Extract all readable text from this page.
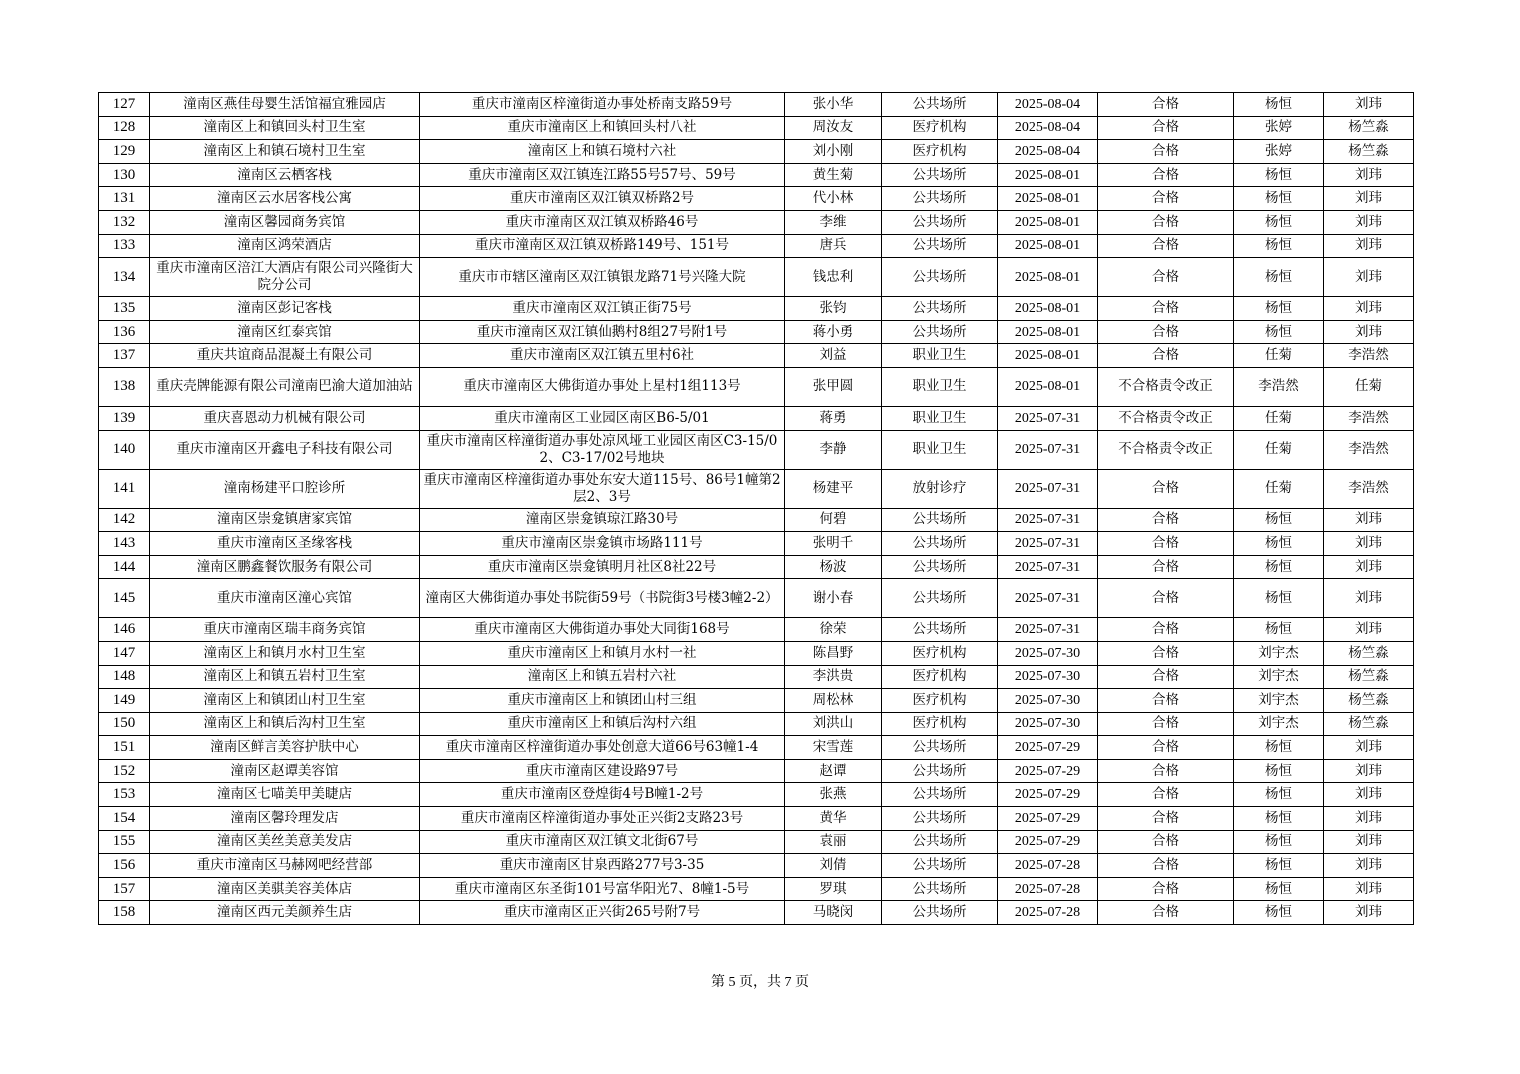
127	潼南区燕佳母婴生活馆福宜雅园店	重庆市潼南区梓潼街道办事处桥南支路59号	张小华	公共场所	2025-08-04	合格	杨恒	刘玮
128	潼南区上和镇回头村卫生室	重庆市潼南区上和镇回头村八社	周汝友	医疗机构	2025-08-04	合格	张婷	杨竺淼
129	潼南区上和镇石境村卫生室	潼南区上和镇石境村六社	刘小刚	医疗机构	2025-08-04	合格	张婷	杨竺淼
130	潼南区云栖客栈	重庆市潼南区双江镇连江路55号57号、59号	黄生菊	公共场所	2025-08-01	合格	杨恒	刘玮
131	潼南区云水居客栈公寓	重庆市潼南区双江镇双桥路2号	代小林	公共场所	2025-08-01	合格	杨恒	刘玮
132	潼南区馨园商务宾馆	重庆市潼南区双江镇双桥路46号	李维	公共场所	2025-08-01	合格	杨恒	刘玮
133	潼南区鸿荣酒店	重庆市潼南区双江镇双桥路149号、151号	唐兵	公共场所	2025-08-01	合格	杨恒	刘玮
134	重庆市潼南区涪江大酒店有限公司兴隆街大院分公司	重庆市市辖区潼南区双江镇银龙路71号兴隆大院	钱忠利	公共场所	2025-08-01	合格	杨恒	刘玮
135	潼南区彭记客栈	重庆市潼南区双江镇正街75号	张钧	公共场所	2025-08-01	合格	杨恒	刘玮
136	潼南区红泰宾馆	重庆市潼南区双江镇仙鹅村8组27号附1号	蒋小勇	公共场所	2025-08-01	合格	杨恒	刘玮
137	重庆共谊商品混凝土有限公司	重庆市潼南区双江镇五里村6社	刘益	职业卫生	2025-08-01	合格	任菊	李浩然
138	重庆壳牌能源有限公司潼南巴渝大道加油站	重庆市潼南区大佛街道办事处上星村1组113号	张甲圆	职业卫生	2025-08-01	不合格责令改正	李浩然	任菊
139	重庆喜恩动力机械有限公司	重庆市潼南区工业园区南区B6-5/01	蒋勇	职业卫生	2025-07-31	不合格责令改正	任菊	李浩然
140	重庆市潼南区开鑫电子科技有限公司	重庆市潼南区梓潼街道办事处凉风垭工业园区南区C3-15/02、C3-17/02号地块	李静	职业卫生	2025-07-31	不合格责令改正	任菊	李浩然
141	潼南杨建平口腔诊所	重庆市潼南区梓潼街道办事处东安大道115号、86号1幢第2层2、3号	杨建平	放射诊疗	2025-07-31	合格	任菊	李浩然
142	潼南区崇龛镇唐家宾馆	潼南区崇龛镇琼江路30号	何碧	公共场所	2025-07-31	合格	杨恒	刘玮
143	重庆市潼南区圣缘客栈	重庆市潼南区崇龛镇市场路111号	张明千	公共场所	2025-07-31	合格	杨恒	刘玮
144	潼南区鹏鑫餐饮服务有限公司	重庆市潼南区崇龛镇明月社区8社22号	杨波	公共场所	2025-07-31	合格	杨恒	刘玮
145	重庆市潼南区潼心宾馆	潼南区大佛街道办事处书院街59号（书院街3号楼3幢2-2）	谢小春	公共场所	2025-07-31	合格	杨恒	刘玮
146	重庆市潼南区瑞丰商务宾馆	重庆市潼南区大佛街道办事处大同街168号	徐荣	公共场所	2025-07-31	合格	杨恒	刘玮
147	潼南区上和镇月水村卫生室	重庆市潼南区上和镇月水村一社	陈昌野	医疗机构	2025-07-30	合格	刘宇杰	杨竺淼
148	潼南区上和镇五岩村卫生室	潼南区上和镇五岩村六社	李洪贵	医疗机构	2025-07-30	合格	刘宇杰	杨竺淼
149	潼南区上和镇团山村卫生室	重庆市潼南区上和镇团山村三组	周松林	医疗机构	2025-07-30	合格	刘宇杰	杨竺淼
150	潼南区上和镇后沟村卫生室	重庆市潼南区上和镇后沟村六组	刘洪山	医疗机构	2025-07-30	合格	刘宇杰	杨竺淼
151	潼南区鲜言美容护肤中心	重庆市潼南区梓潼街道办事处创意大道66号63幢1-4	宋雪莲	公共场所	2025-07-29	合格	杨恒	刘玮
152	潼南区赵谭美容馆	重庆市潼南区建设路97号	赵谭	公共场所	2025-07-29	合格	杨恒	刘玮
153	潼南区七喵美甲美睫店	重庆市潼南区登煌街4号B幢1-2号	张燕	公共场所	2025-07-29	合格	杨恒	刘玮
154	潼南区馨玲理发店	重庆市潼南区梓潼街道办事处正兴街2支路23号	黄华	公共场所	2025-07-29	合格	杨恒	刘玮
155	潼南区美丝美意美发店	重庆市潼南区双江镇文北街67号	袁丽	公共场所	2025-07-29	合格	杨恒	刘玮
156	重庆市潼南区马赫网吧经营部	重庆市潼南区甘泉西路277号3-35	刘倩	公共场所	2025-07-28	合格	杨恒	刘玮
157	潼南区美骐美容美体店	重庆市潼南区东圣街101号富华阳光7、8幢1-5号	罗琪	公共场所	2025-07-28	合格	杨恒	刘玮
158	潼南区西元美颜养生店	重庆市潼南区正兴街265号附7号	马晓闵	公共场所	2025-07-28	合格	杨恒	刘玮
第 5 页，共 7 页
